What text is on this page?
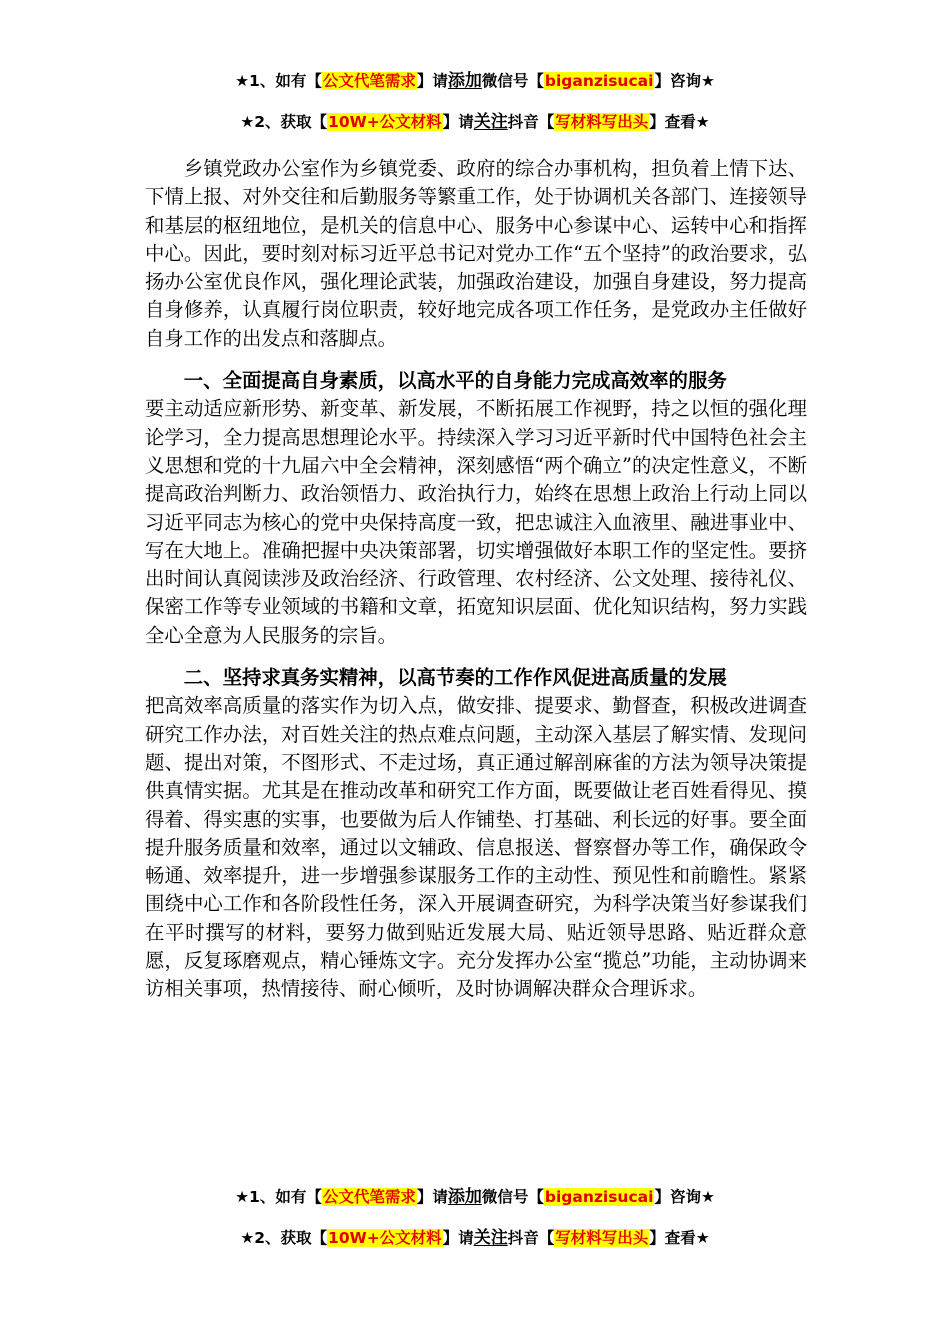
★1、如有【公文代笔需求】请添加微信号【biganzisucai】咨询★
★2、获取【10W+公文材料】请关注抖音【写材料写出头】查看★

乡镇党政办公室作为乡镇党委、政府的综合办事机构，担负着上情下达、下情上报、对外交往和后勤服务等繁重工作，处于协调机关各部门、连接领导和基层的枢纽地位，是机关的信息中心、服务中心参谋中心、运转中心和指挥中心。因此，要时刻对标习近平总书记对党办工作“五个坚持”的政治要求，弘扬办公室优良作风，强化理论武装，加强政治建设，加强自身建设，努力提高自身修养，认真履行岗位职责，较好地完成各项工作任务，是党政办主任做好自身工作的出发点和落脚点。

一、全面提高自身素质，以高水平的自身能力完成高效率的服务

要主动适应新形势、新变革、新发展，不断拓展工作视野，持之以恒的强化理论学习，全力提高思想理论水平。持续深入学习习近平新时代中国特色社会主义思想和党的十九届六中全会精神，深刻感悟“两个确立”的决定性意义，不断提高政治判断力、政治领悟力、政治执行力，始终在思想上政治上行动上同以习近平同志为核心的党中央保持高度一致，把忠诚注入血液里、融进事业中、写在大地上。准确把握中央决策部署，切实增强做好本职工作的坚定性。要挤出时间认真阅读涉及政治经济、行政管理、农村经济、公文处理、接待礼仪、保密工作等专业领域的书籍和文章，拓宽知识层面、优化知识结构，努力实践全心全意为人民服务的宗旨。

二、坚持求真务实精神，以高节奏的工作作风促进高质量的发展

把高效率高质量的落实作为切入点，做安排、提要求、勤督查，积极改进调查研究工作办法，对百姓关注的热点难点问题，主动深入基层了解实情、发现问题、提出对策，不图形式、不走过场，真正通过解剖麻雀的方法为领导决策提供真情实据。尤其是在推动改革和研究工作方面，既要做让老百姓看得见、摸得着、得实惠的实事，也要做为后人作铺垫、打基础、利长远的好事。要全面提升服务质量和效率，通过以文辅政、信息报送、督察督办等工作，确保政令畅通、效率提升，进一步增强参谋服务工作的主动性、预见性和前瞻性。紧紧围绕中心工作和各阶段性任务，深入开展调查研究，为科学决策当好参谋我们在平时撰写的材料，要努力做到贴近发展大局、贴近领导思路、贴近群众意愿，反复琢磨观点，精心锤炼文字。充分发挥办公室“揽总”功能，主动协调来访相关事项，热情接待、耐心倾听，及时协调解决群众合理诉求。

★1、如有【公文代笔需求】请添加微信号【biganzisucai】咨询★
★2、获取【10W+公文材料】请关注抖音【写材料写出头】查看★
